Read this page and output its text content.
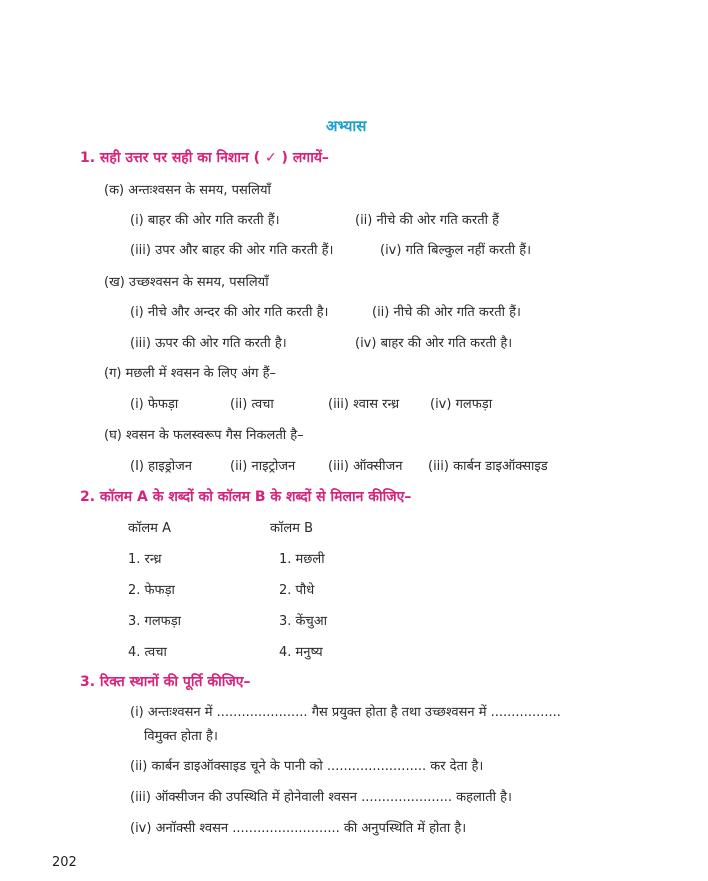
अभ्यास
1. सही उत्तर पर सही का निशान ( ✓ ) लगायें–
(क) अन्तःश्वसन के समय, पसलियाँ
(i) बाहर की ओर गति करती हैं।	(ii) नीचे की ओर गति करती हैं
(iii) उपर और बाहर की ओर गति करती हैं।	(iv) गति बिल्कुल नहीं करती हैं।
(ख) उच्छश्वसन के समय, पसलियाँ
(i) नीचे और अन्दर की ओर गति करती है।	(ii) नीचे की ओर गति करती हैं।
(iii) ऊपर की ओर गति करती है।	(iv) बाहर की ओर गति करती है।
(ग) मछली में श्वसन के लिए अंग हैं–
(i) फेफड़ा	(ii) त्वचा	(iii) श्वास रन्ध्र (iv) गलफड़ा
(घ) श्वसन के फलस्वरूप गैस निकलती है–
(I) हाइड्रोजन	(ii) नाइट्रोजन	(iii) ऑक्सीजन (iii) कार्बन डाइऑक्साइड
2. कॉलम A के शब्दों को कॉलम B के शब्दों से मिलान कीजिए–
कॉलम A	कॉलम B
1. रन्ध्र	1. मछली
2. फेफड़ा	2. पौधे
3. गलफड़ा	3. केंचुआ
4. त्वचा	4. मनुष्य
3. रिक्त स्थानों की पूर्ति कीजिए–
(i) अन्तःश्वसन में ...................... गैस प्रयुक्त होता है तथा उच्छश्वसन में .................
विमुक्त होता है।
(ii) कार्बन डाइऑक्साइड चूने के पानी को ........................ कर देता है।
(iii) ऑक्सीजन की उपस्थिति में होनेवाली श्वसन ...................... कहलाती है।
(iv) अनॉक्सी श्वसन .......................... की अनुपस्थिति में होता है।
202
